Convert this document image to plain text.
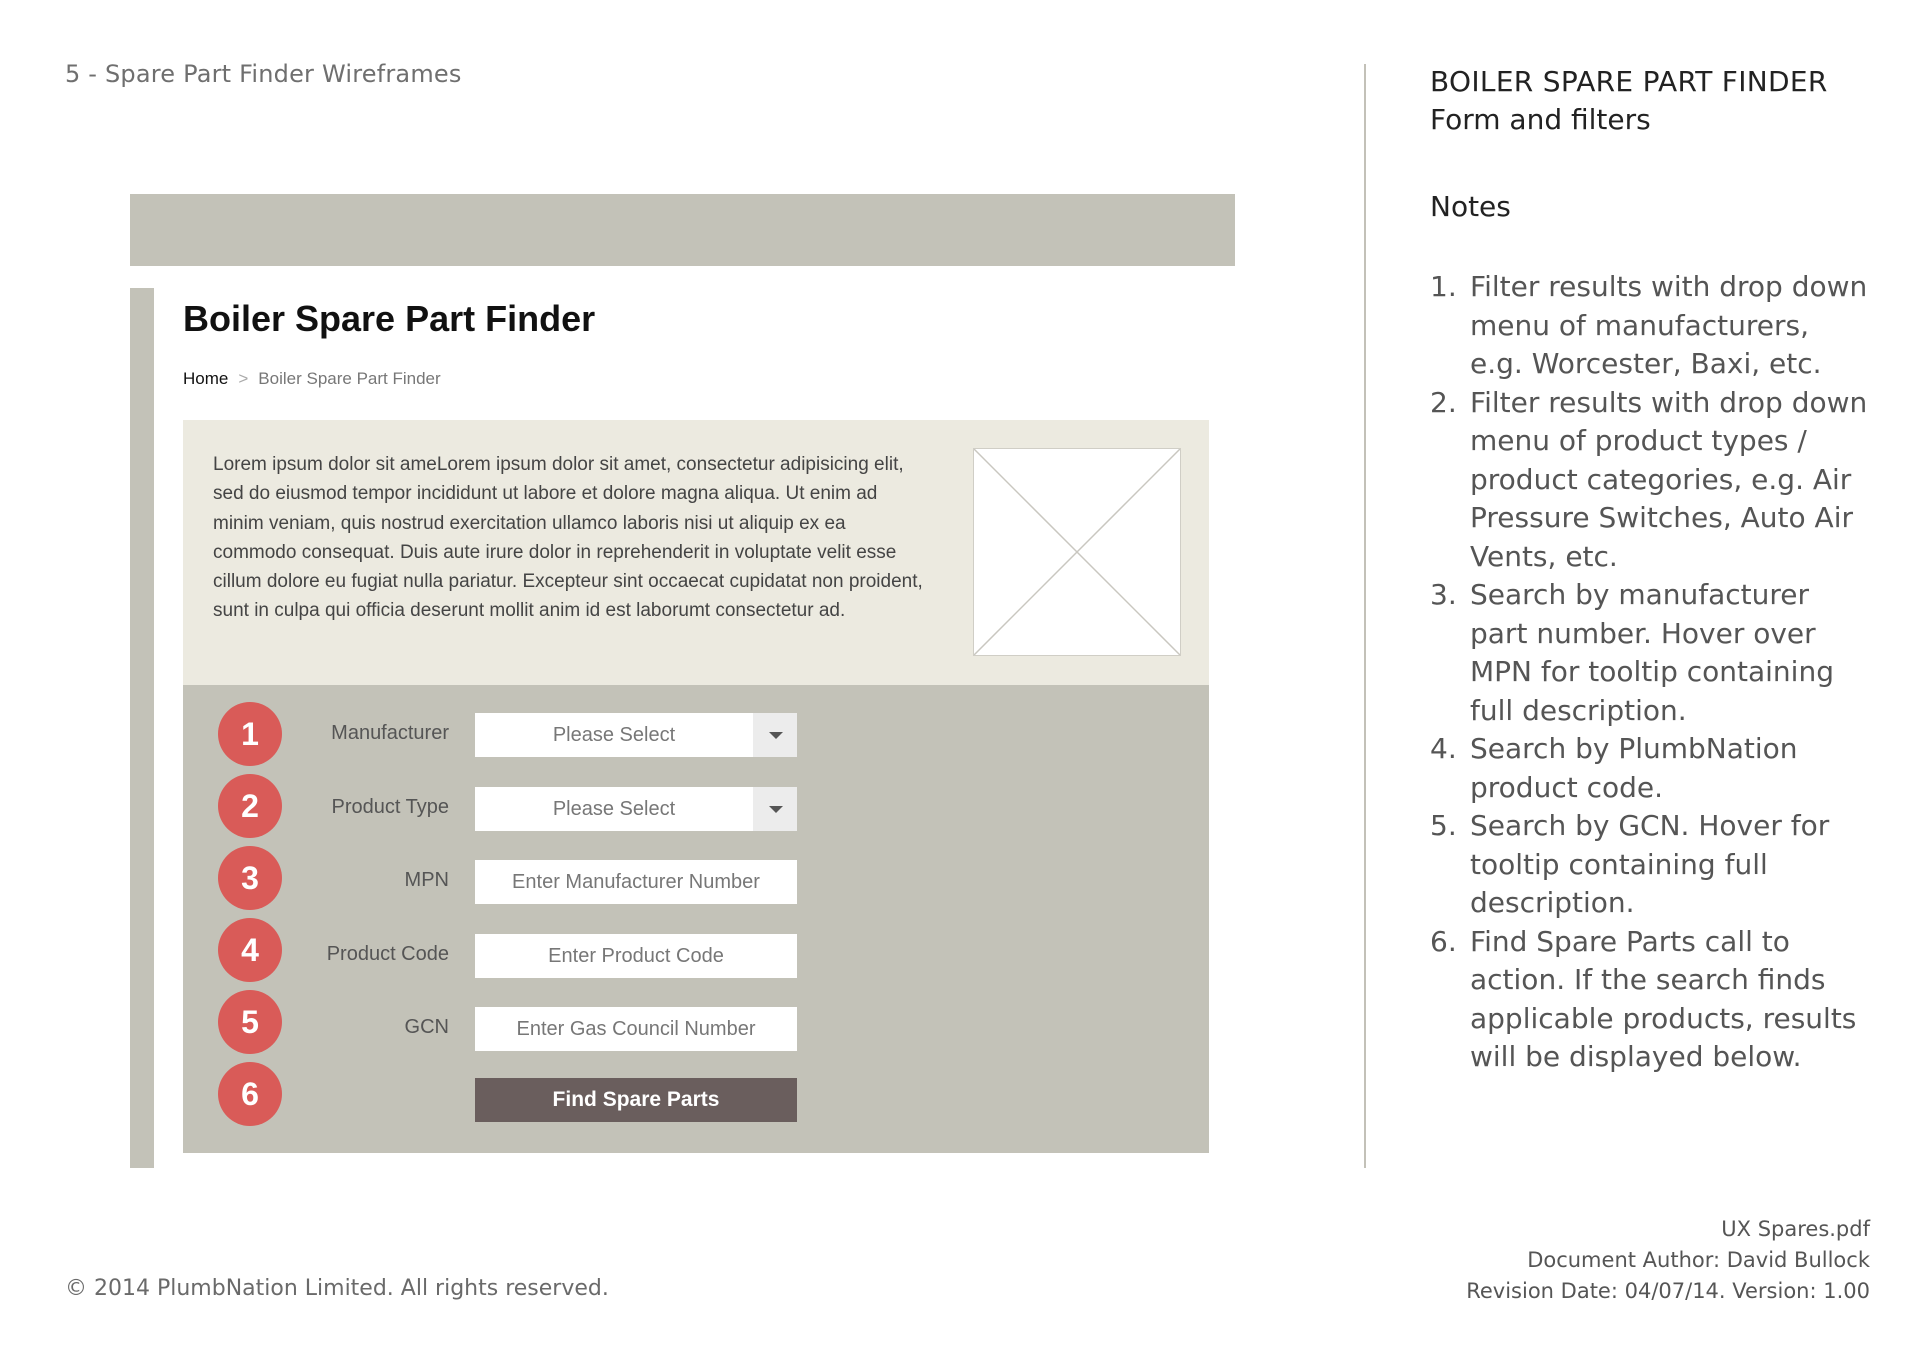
5 - Spare Part Finder Wireframes
Boiler Spare Part Finder
Home > Boiler Spare Part Finder
Lorem ipsum dolor sit ameLorem ipsum dolor sit amet, consectetur adipisicing elit, sed do eiusmod tempor incididunt ut labore et dolore magna aliqua. Ut enim ad minim veniam, quis nostrud exercitation ullamco laboris nisi ut aliquip ex ea commodo consequat. Duis aute irure dolor in reprehenderit in voluptate velit esse cillum dolore eu fugiat nulla pariatur. Excepteur sint occaecat cupidatat non proident, sunt in culpa qui officia deserunt mollit anim id est laborumt consectetur ad.
1	Manufacturer	Please Select
2	Product Type	Please Select
3	MPN	Enter Manufacturer Number
4	Product Code	Enter Product Code
5	GCN	Enter Gas Council Number
6	Find Spare Parts
BOILER SPARE PART FINDER
Form and filters
Notes
1. Filter results with drop down menu of manufacturers, e.g. Worcester, Baxi, etc.
2. Filter results with drop down menu of product types / product categories, e.g. Air Pressure Switches, Auto Air Vents, etc.
3. Search by manufacturer part number. Hover over MPN for tooltip containing full description.
4. Search by PlumbNation product code.
5. Search by GCN. Hover for tooltip containing full description.
6. Find Spare Parts call to action. If the search finds applicable products, results will be displayed below.
© 2014 PlumbNation Limited. All rights reserved.
UX Spares.pdf
Document Author: David Bullock
Revision Date: 04/07/14. Version: 1.00
